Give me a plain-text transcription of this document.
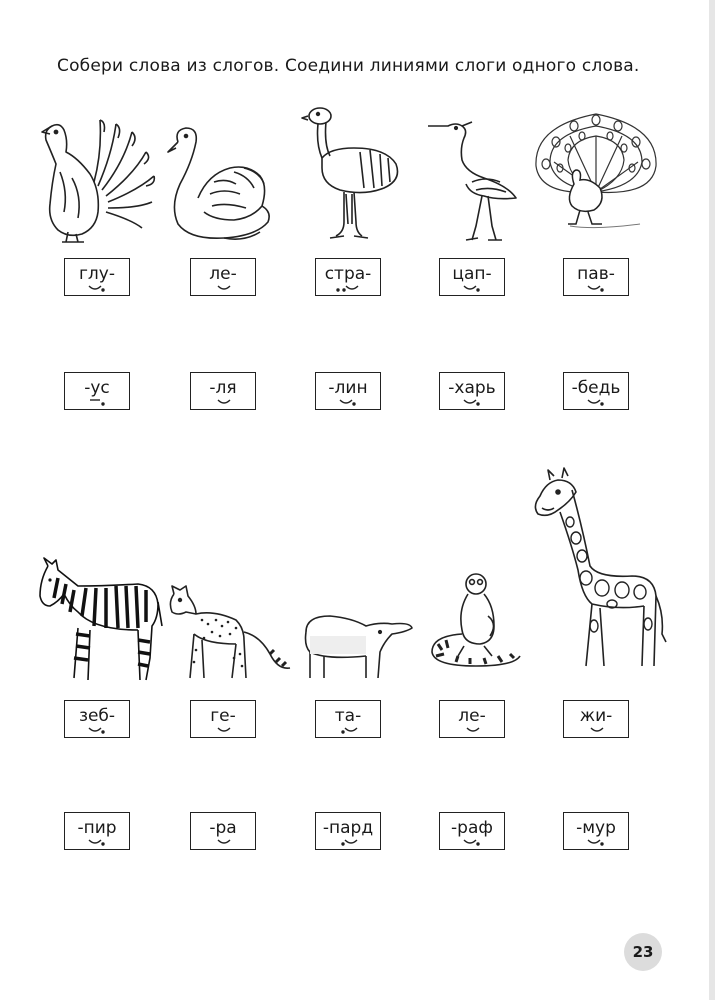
Собери слова из слогов. Соедини линиями слоги одного слова.
глу-	ле-	стра-	цап-	пав-
-ус	-ля	-лин	-харь	-бедь
зеб-	ге-	та-	ле-	жи-
-пир	-ра	-пард	-раф	-мур
23
